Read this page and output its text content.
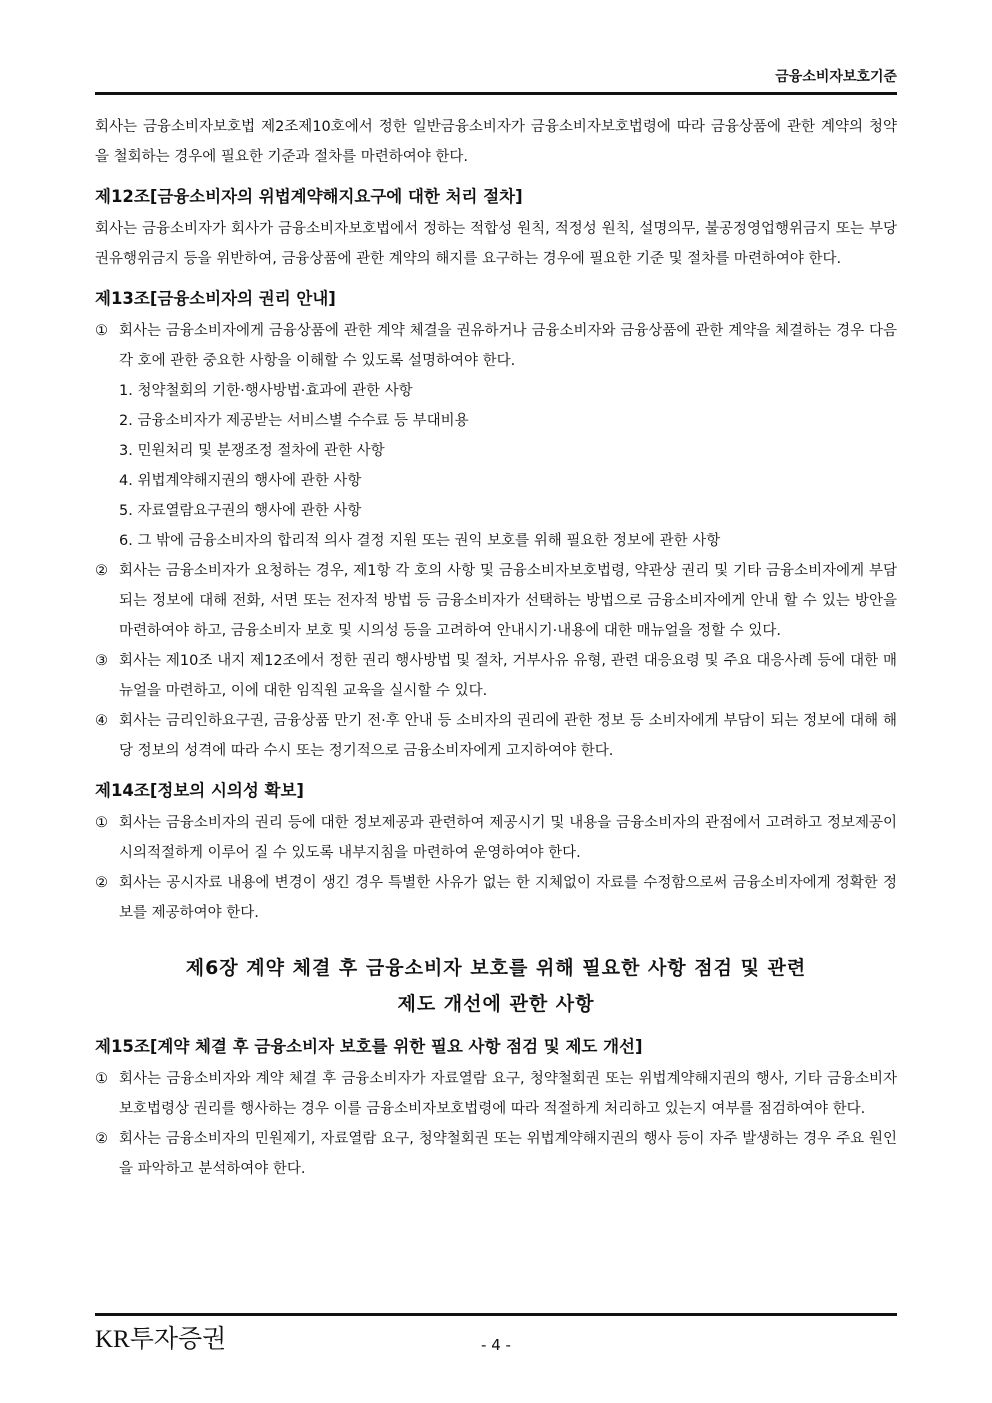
금융소비자보호기준

회사는 금융소비자보호법 제2조제10호에서 정한 일반금융소비자가 금융소비자보호법령에 따라 금융상품에 관한 계약의 청약을 철회하는 경우에 필요한 기준과 절차를 마련하여야 한다.

제12조[금융소비자의 위법계약해지요구에 대한 처리 절차]

회사는 금융소비자가 회사가 금융소비자보호법에서 정하는 적합성 원칙, 적정성 원칙, 설명의무, 불공정영업행위금지 또는 부당권유행위금지 등을 위반하여, 금융상품에 관한 계약의 해지를 요구하는 경우에 필요한 기준 및 절차를 마련하여야 한다.

제13조[금융소비자의 권리 안내]

① 회사는 금융소비자에게 금융상품에 관한 계약 체결을 권유하거나 금융소비자와 금융상품에 관한 계약을 체결하는 경우 다음 각 호에 관한 중요한 사항을 이해할 수 있도록 설명하여야 한다.

1. 청약철회의 기한·행사방법·효과에 관한 사항

2. 금융소비자가 제공받는 서비스별 수수료 등 부대비용

3. 민원처리 및 분쟁조정 절차에 관한 사항

4. 위법계약해지권의 행사에 관한 사항

5. 자료열람요구권의 행사에 관한 사항

6. 그 밖에 금융소비자의 합리적 의사 결정 지원 또는 권익 보호를 위해 필요한 정보에 관한 사항

② 회사는 금융소비자가 요청하는 경우, 제1항 각 호의 사항 및 금융소비자보호법령, 약관상 권리 및 기타 금융소비자에게 부담되는 정보에 대해 전화, 서면 또는 전자적 방법 등 금융소비자가 선택하는 방법으로 금융소비자에게 안내 할 수 있는 방안을 마련하여야 하고, 금융소비자 보호 및 시의성 등을 고려하여 안내시기·내용에 대한 매뉴얼을 정할 수 있다.

③ 회사는 제10조 내지 제12조에서 정한 권리 행사방법 및 절차, 거부사유 유형, 관련 대응요령 및 주요 대응사례 등에 대한 매뉴얼을 마련하고, 이에 대한 임직원 교육을 실시할 수 있다.

④ 회사는 금리인하요구권, 금융상품 만기 전·후 안내 등 소비자의 권리에 관한 정보 등 소비자에게 부담이 되는 정보에 대해 해당 정보의 성격에 따라 수시 또는 정기적으로 금융소비자에게 고지하여야 한다.

제14조[정보의 시의성 확보]

① 회사는 금융소비자의 권리 등에 대한 정보제공과 관련하여 제공시기 및 내용을 금융소비자의 관점에서 고려하고 정보제공이 시의적절하게 이루어 질 수 있도록 내부지침을 마련하여 운영하여야 한다.

② 회사는 공시자료 내용에 변경이 생긴 경우 특별한 사유가 없는 한 지체없이 자료를 수정함으로써 금융소비자에게 정확한 정보를 제공하여야 한다.

제6장 계약 체결 후 금융소비자 보호를 위해 필요한 사항 점검 및 관련
제도 개선에 관한 사항
제15조[계약 체결 후 금융소비자 보호를 위한 필요 사항 점검 및 제도 개선]

① 회사는 금융소비자와 계약 체결 후 금융소비자가 자료열람 요구, 청약철회권 또는 위법계약해지권의 행사, 기타 금융소비자보호법령상 권리를 행사하는 경우 이를 금융소비자보호법령에 따라 적절하게 처리하고 있는지 여부를 점검하여야 한다.

② 회사는 금융소비자의 민원제기, 자료열람 요구, 청약철회권 또는 위법계약해지권의 행사 등이 자주 발생하는 경우 주요 원인을 파악하고 분석하여야 한다.

KR투자증권	- 4 -
